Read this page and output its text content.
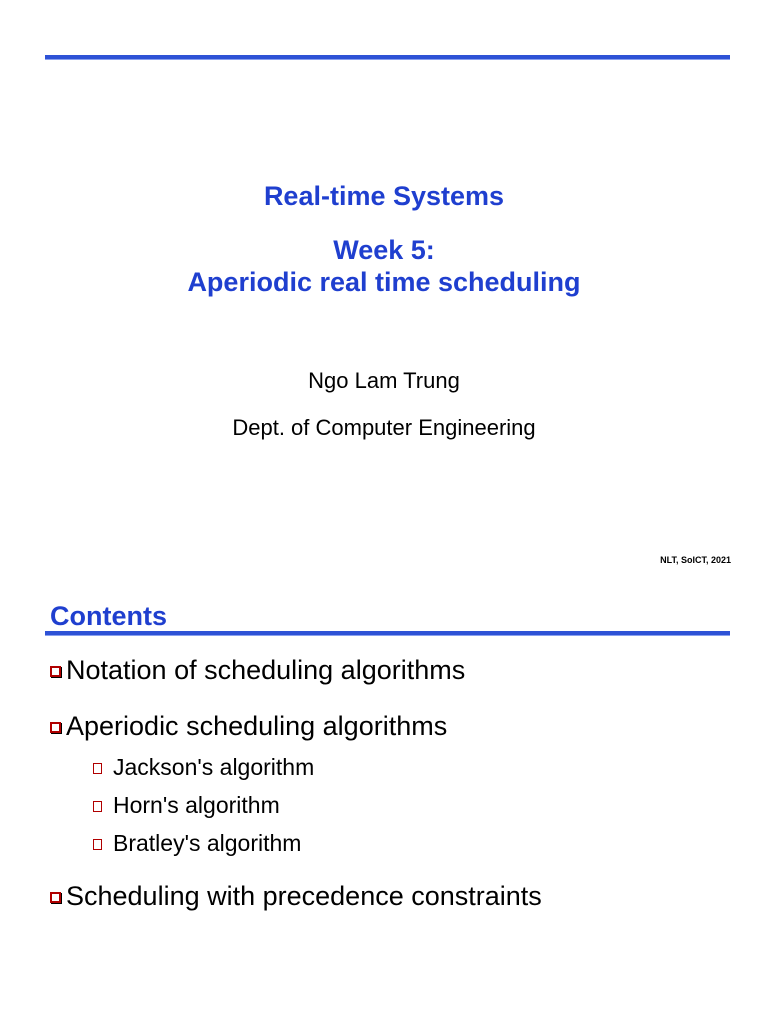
Real-time Systems
Week 5:
Aperiodic real time scheduling
Ngo Lam Trung
Dept. of Computer Engineering
NLT, SoICT, 2021
Contents
Notation of scheduling algorithms
Aperiodic scheduling algorithms
Jackson's algorithm
Horn's algorithm
Bratley's algorithm
Scheduling with precedence constraints
